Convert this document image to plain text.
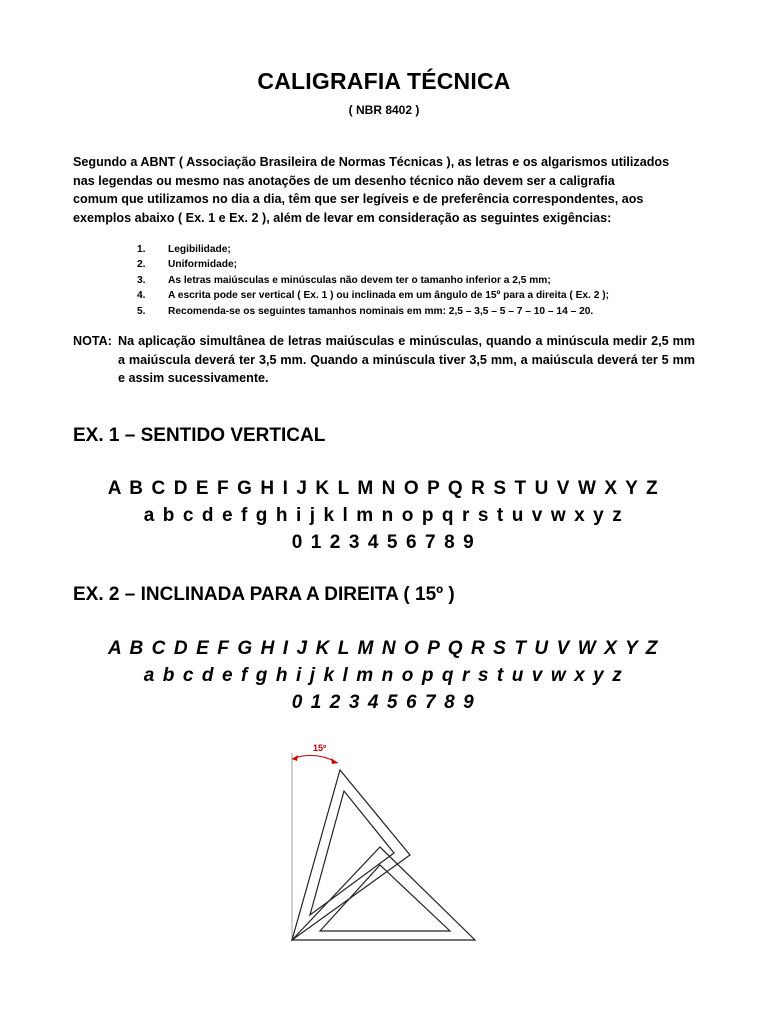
CALIGRAFIA TÉCNICA
( NBR 8402 )
Segundo a ABNT ( Associação Brasileira de Normas Técnicas ), as letras e os algarismos utilizados
nas legendas ou mesmo nas anotações de um desenho técnico não devem ser a caligrafia
comum que utilizamos no dia a dia, têm que ser legíveis e de preferência correspondentes, aos
exemplos abaixo ( Ex. 1 e Ex. 2 ), além de levar em consideração as seguintes exigências:
1.	Legibilidade;
2.	Uniformidade;
3.	As letras maiúsculas e minúsculas não devem ter o tamanho inferior a 2,5 mm;
4.	A escrita pode ser vertical ( Ex. 1 ) ou inclinada em um ângulo de 15º para a direita ( Ex. 2 );
5.	Recomenda-se os seguintes tamanhos nominais em mm: 2,5 – 3,5 – 5 – 7 – 10 – 14 – 20.
NOTA: Na aplicação simultânea de letras maiúsculas e minúsculas, quando a minúscula medir 2,5 mm a maiúscula deverá ter 3,5 mm. Quando a minúscula tiver 3,5 mm, a maiúscula deverá ter 5 mm e assim sucessivamente.
EX. 1 – SENTIDO VERTICAL
A B C D E F G H I J K L M N O P Q R S T U V W X Y Z
a b c d e f g h i j k l m n o p q r s t u v w x y z
0 1 2 3 4 5 6 7 8 9
EX. 2 – INCLINADA PARA A DIREITA ( 15º )
A B C D E F G H I J K L M N O P Q R S T U V W X Y Z
a b c d e f g h i j k l m n o p q r s t u v w x y z
0 1 2 3 4 5 6 7 8 9
15º
